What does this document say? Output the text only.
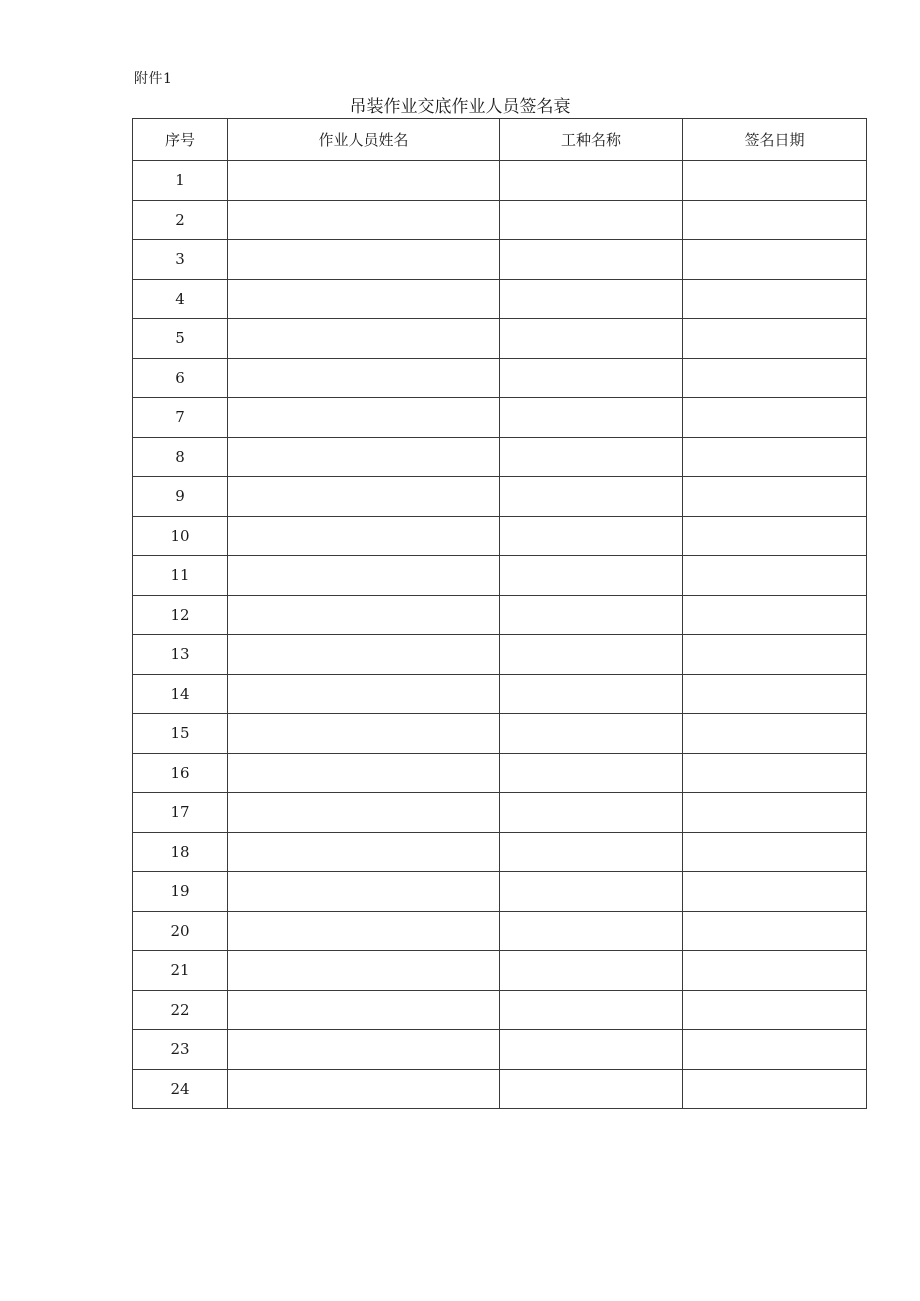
附件1
吊装作业交底作业人员签名衰
序号	作业人员姓名	工种名称	签名日期
1			
2			
3			
4			
5			
6			
7			
8			
9			
10			
11			
12			
13			
14			
15			
16			
17			
18			
19			
20			
21			
22			
23			
24			
